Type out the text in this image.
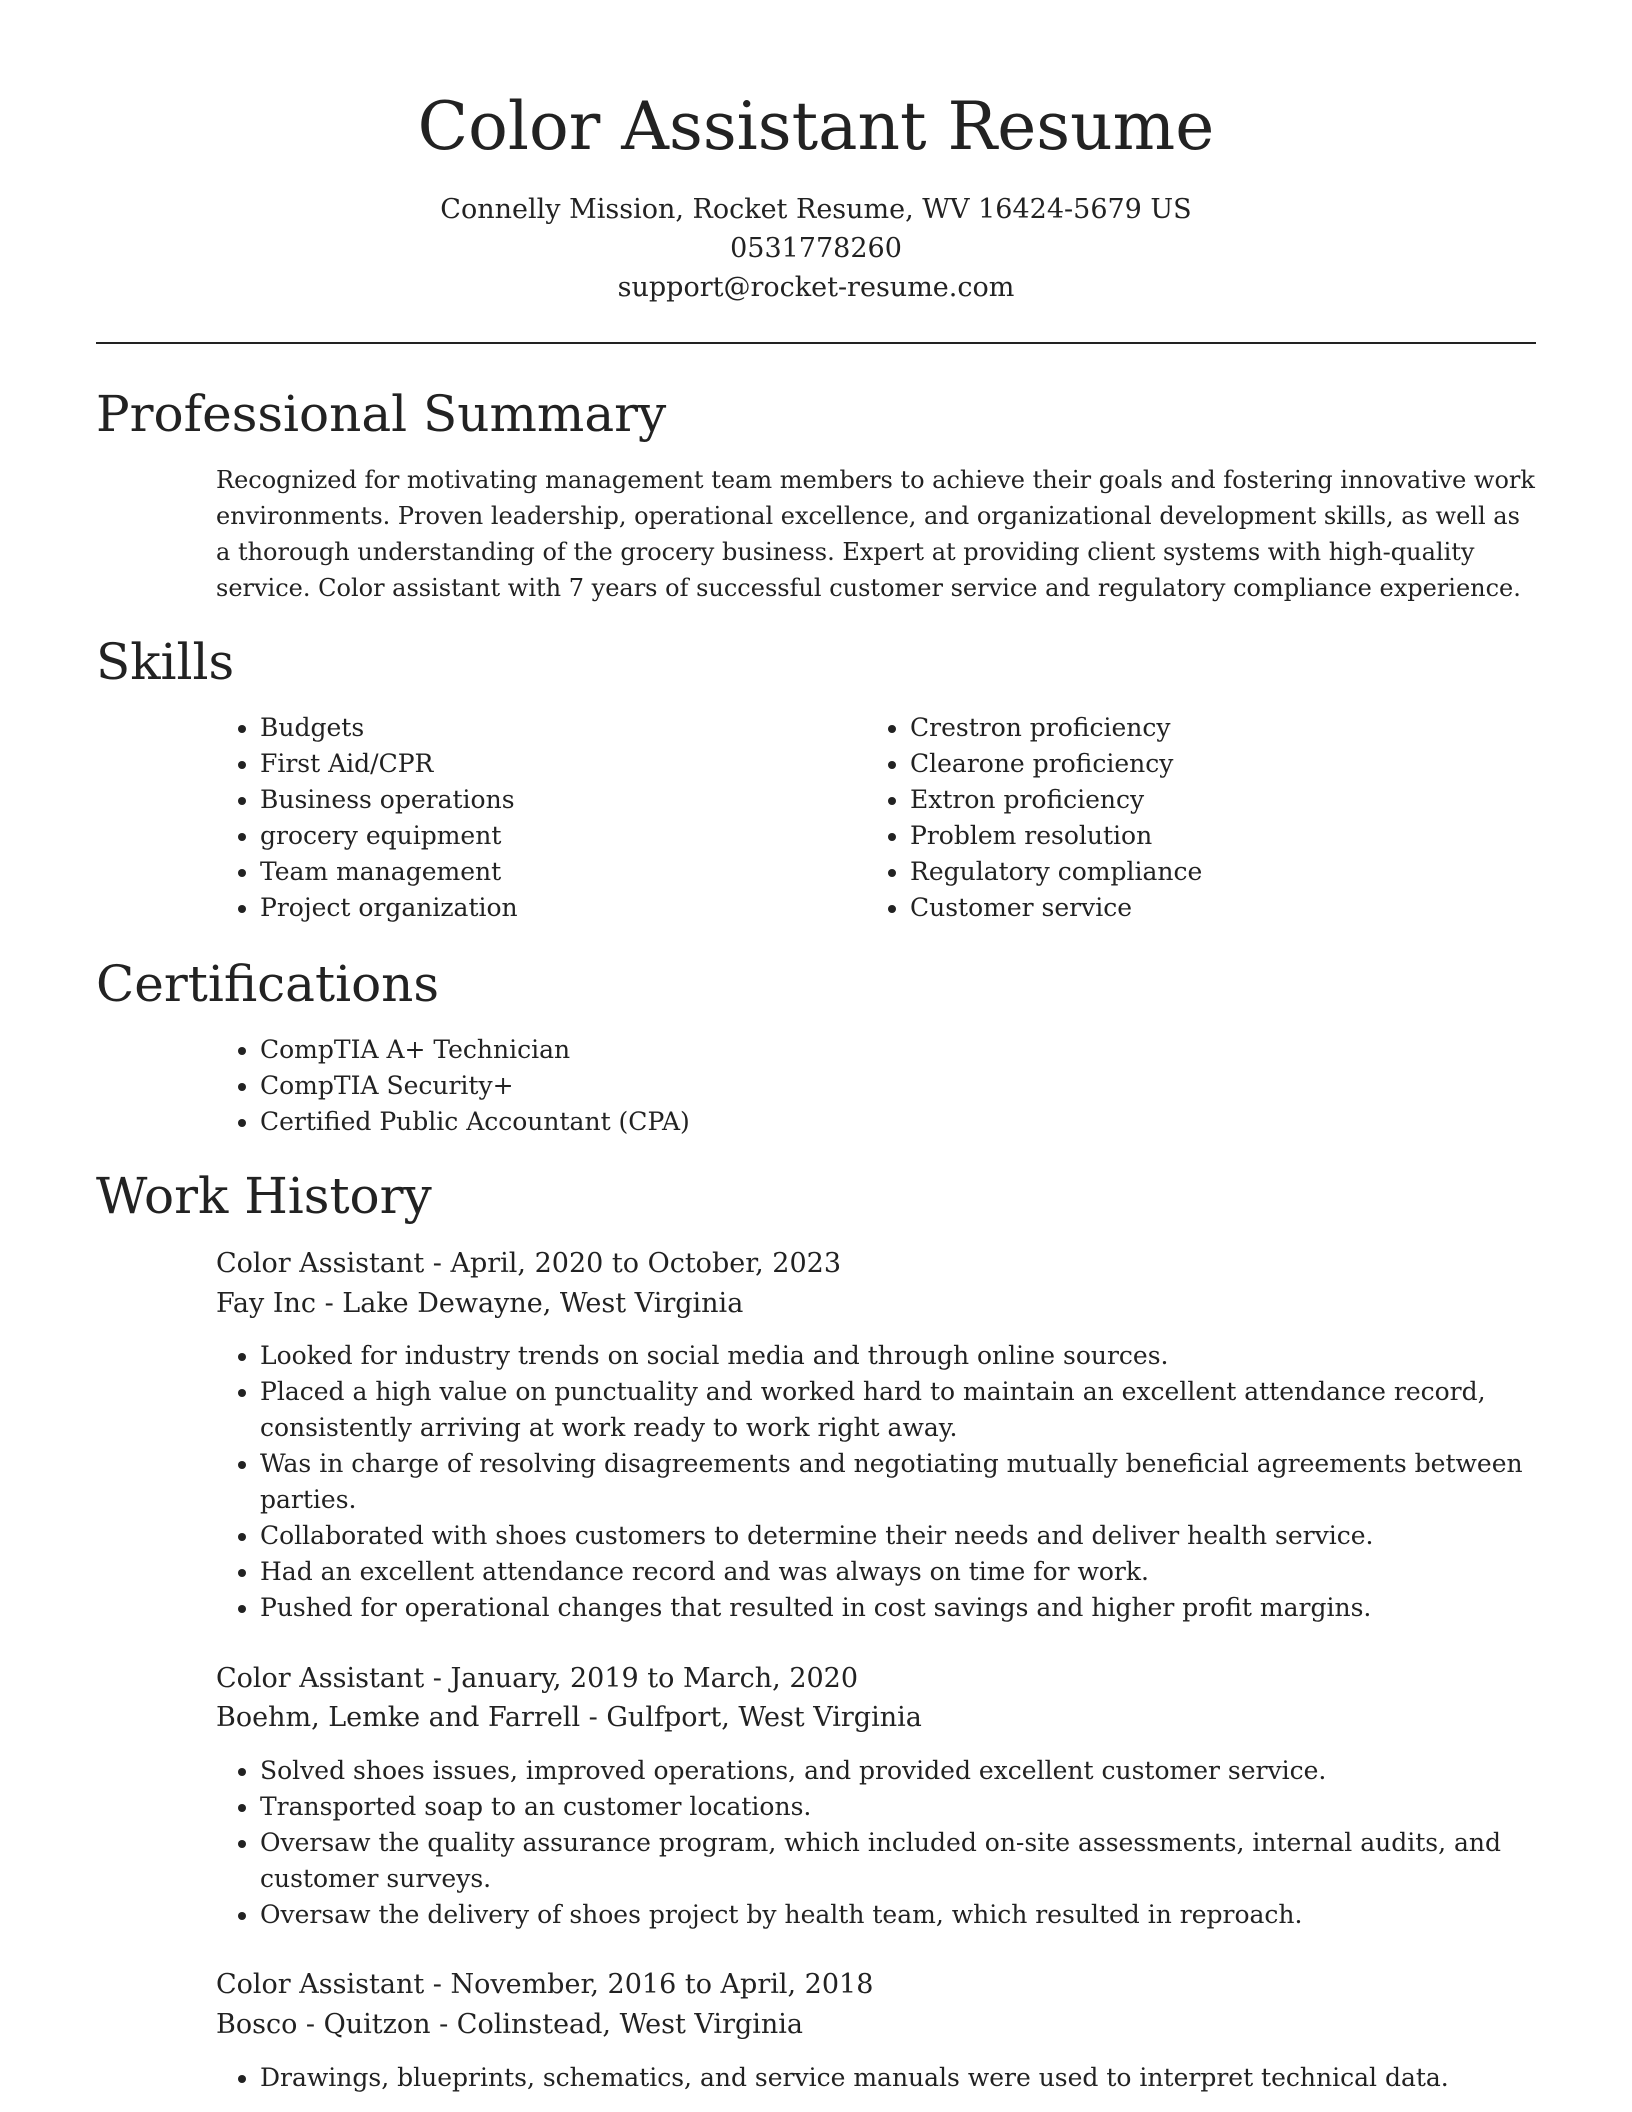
Color Assistant Resume
Connelly Mission, Rocket Resume, WV 16424-5679 US
0531778260
support@rocket-resume.com
Professional Summary

Recognized for motivating management team members to achieve their goals and fostering innovative work environments. Proven leadership, operational excellence, and organizational development skills, as well as a thorough understanding of the grocery business. Expert at providing client systems with high-quality service. Color assistant with 7 years of successful customer service and regulatory compliance experience.

Skills
• Budgets
• First Aid/CPR
• Business operations
• grocery equipment
• Team management
• Project organization
• Crestron proficiency
• Clearone proficiency
• Extron proficiency
• Problem resolution
• Regulatory compliance
• Customer service
Certifications
• CompTIA A+ Technician
• CompTIA Security+
• Certified Public Accountant (CPA)
Work History
Color Assistant - April, 2020 to October, 2023
Fay Inc - Lake Dewayne, West Virginia
• Looked for industry trends on social media and through online sources.
• Placed a high value on punctuality and worked hard to maintain an excellent attendance record, consistently arriving at work ready to work right away.
• Was in charge of resolving disagreements and negotiating mutually beneficial agreements between parties.
• Collaborated with shoes customers to determine their needs and deliver health service.
• Had an excellent attendance record and was always on time for work.
• Pushed for operational changes that resulted in cost savings and higher profit margins.
Color Assistant - January, 2019 to March, 2020
Boehm, Lemke and Farrell - Gulfport, West Virginia
• Solved shoes issues, improved operations, and provided excellent customer service.
• Transported soap to an customer locations.
• Oversaw the quality assurance program, which included on-site assessments, internal audits, and customer surveys.
• Oversaw the delivery of shoes project by health team, which resulted in reproach.
Color Assistant - November, 2016 to April, 2018
Bosco - Quitzon - Colinstead, West Virginia
• Drawings, blueprints, schematics, and service manuals were used to interpret technical data.
